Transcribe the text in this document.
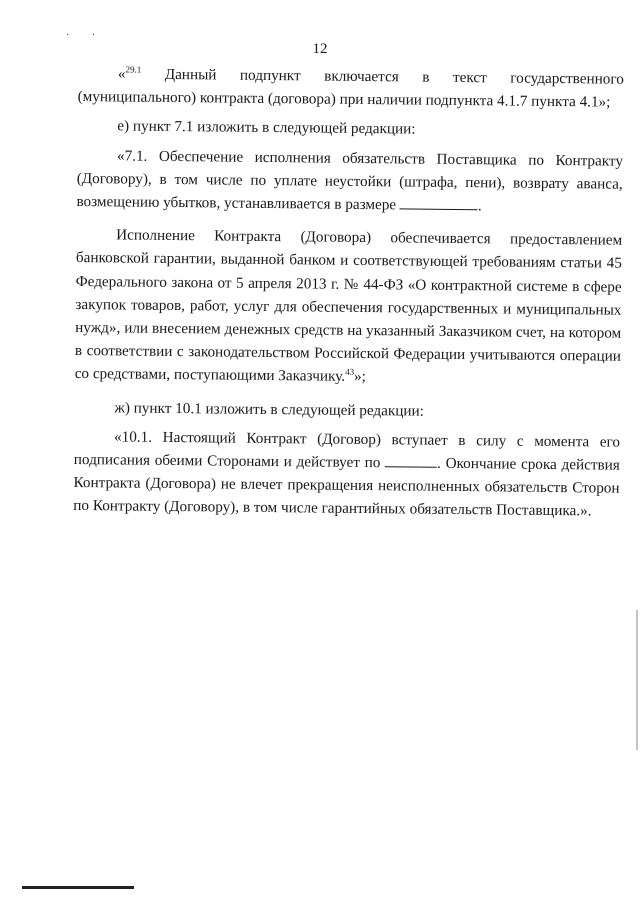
· ·
12

«$^{29.1}$ Данный подпункт включается в текст государственного (муниципального) контракта (договора) при наличии подпункта 4.1.7 пункта 4.1»;

е) пункт 7.1 изложить в следующей редакции:

«7.1. Обеспечение исполнения обязательств Поставщика по Контракту (Договору), в том числе по уплате неустойки (штрафа, пени), возврату аванса, возмещению убытков, устанавливается в размере	.

Исполнение Контракта (Договора) обеспечивается предоставлением банковской гарантии, выданной банком и соответствующей требованиям статьи 45 Федерального закона от 5 апреля 2013 г. № 44-ФЗ «О контрактной системе в сфере закупок товаров, работ, услуг для обеспечения государственных и муниципальных нужд», или внесением денежных средств на указанный Заказчиком счет, на котором в соответствии с законодательством Российской Федерации учитываются операции со средствами, поступающими Заказчику.$^{43}$»;

ж) пункт 10.1 изложить в следующей редакции:

«10.1. Настоящий Контракт (Договор) вступает в силу с момента его подписания обеими Сторонами и действует по	. Окончание срока действия Контракта (Договора) не влечет прекращения неисполненных обязательств Сторон по Контракту (Договору), в том числе гарантийных обязательств Поставщика.».
